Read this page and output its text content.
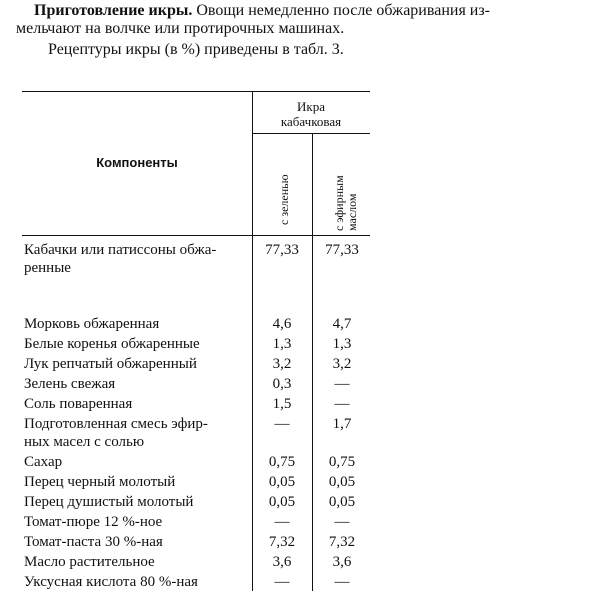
Приготовление икры. Овощи немедленно после обжаривания из-

мельчают на волчке или протирочных машинах.

Рецептуры икры (в %) приведены в табл. 3.

Икра
кабачковая
Компоненты
с зеленью	с эфирным маслом
Кабачки или патиссоны обжа-
ренные
77,33	77,33
Морковь обжаренная	4,6	4,7
Белые коренья обжаренные	1,3	1,3
Лук репчатый обжаренный	3,2	3,2
Зелень свежая	0,3	—
Соль поваренная	1,5	—
Подготовленная смесь эфир-
ных масел с солью
—	1,7
Сахар	0,75	0,75
Перец черный молотый	0,05	0,05
Перец душистый молотый	0,05	0,05
Томат-пюре 12 %-ное	—	—
Томат-паста 30 %-ная	7,32	7,32
Масло растительное	3,6	3,6
Уксусная кислота 80 %-ная	—	—
